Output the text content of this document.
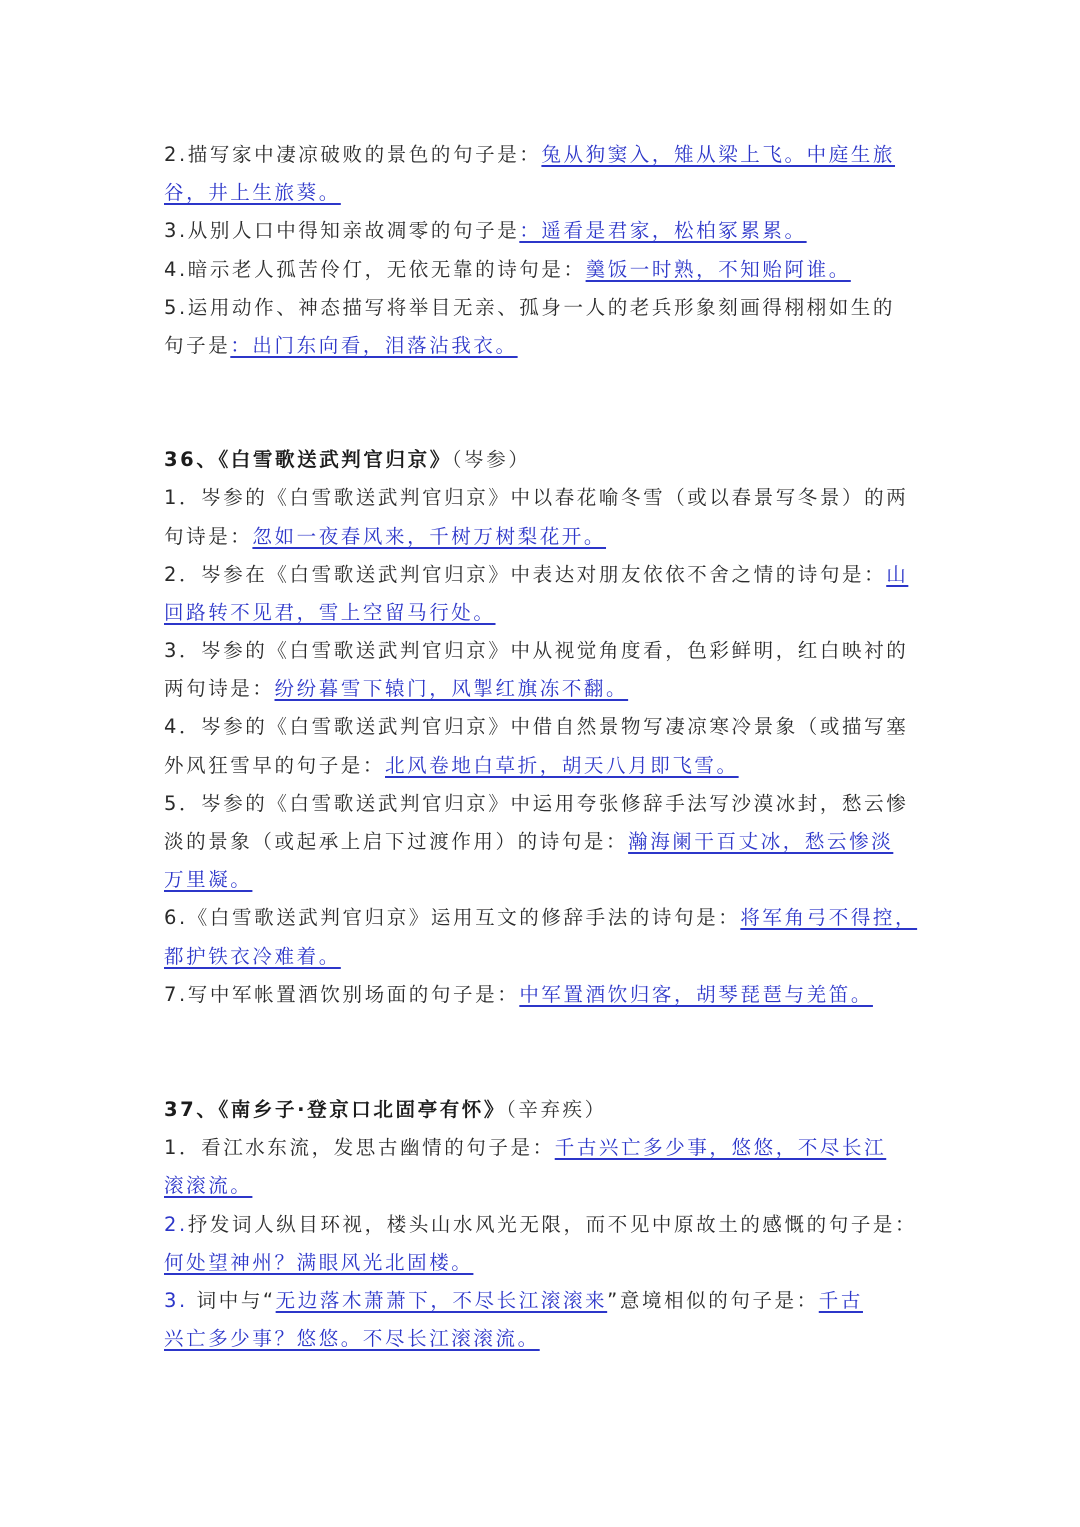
2.描写家中凄凉破败的景色的句子是：兔从狗窦入，雉从梁上飞。中庭生旅
谷，井上生旅葵。
3.从别人口中得知亲故凋零的句子是：遥看是君家，松柏冢累累。
4.暗示老人孤苦伶仃，无依无靠的诗句是：羹饭一时熟，不知贻阿谁。
5.运用动作、神态描写将举目无亲、孤身一人的老兵形象刻画得栩栩如生的
句子是：出门东向看，泪落沾我衣。
36、《白雪歌送武判官归京》（岑参）
1．岑参的《白雪歌送武判官归京》中以春花喻冬雪（或以春景写冬景）的两
句诗是：忽如一夜春风来，千树万树梨花开。
2．岑参在《白雪歌送武判官归京》中表达对朋友依依不舍之情的诗句是：山
回路转不见君，雪上空留马行处。
3．岑参的《白雪歌送武判官归京》中从视觉角度看，色彩鲜明，红白映衬的
两句诗是：纷纷暮雪下辕门，风掣红旗冻不翻。
4．岑参的《白雪歌送武判官归京》中借自然景物写凄凉寒冷景象（或描写塞
外风狂雪早的句子是：北风卷地白草折，胡天八月即飞雪。
5．岑参的《白雪歌送武判官归京》中运用夸张修辞手法写沙漠冰封，愁云惨
淡的景象（或起承上启下过渡作用）的诗句是：瀚海阑干百丈冰，愁云惨淡
万里凝。
6.《白雪歌送武判官归京》运用互文的修辞手法的诗句是：将军角弓不得控，
都护铁衣冷难着。
7.写中军帐置酒饮别场面的句子是：中军置酒饮归客，胡琴琵琶与羌笛。
37、《南乡子·登京口北固亭有怀》（辛弃疾）
1．看江水东流，发思古幽情的句子是：千古兴亡多少事，悠悠，不尽长江
滚滚流。
2.抒发词人纵目环视，楼头山水风光无限，而不见中原故土的感慨的句子是：
何处望神州？满眼风光北固楼。
3. 词中与“无边落木萧萧下，不尽长江滚滚来”意境相似的句子是：千古
兴亡多少事？悠悠。不尽长江滚滚流。
